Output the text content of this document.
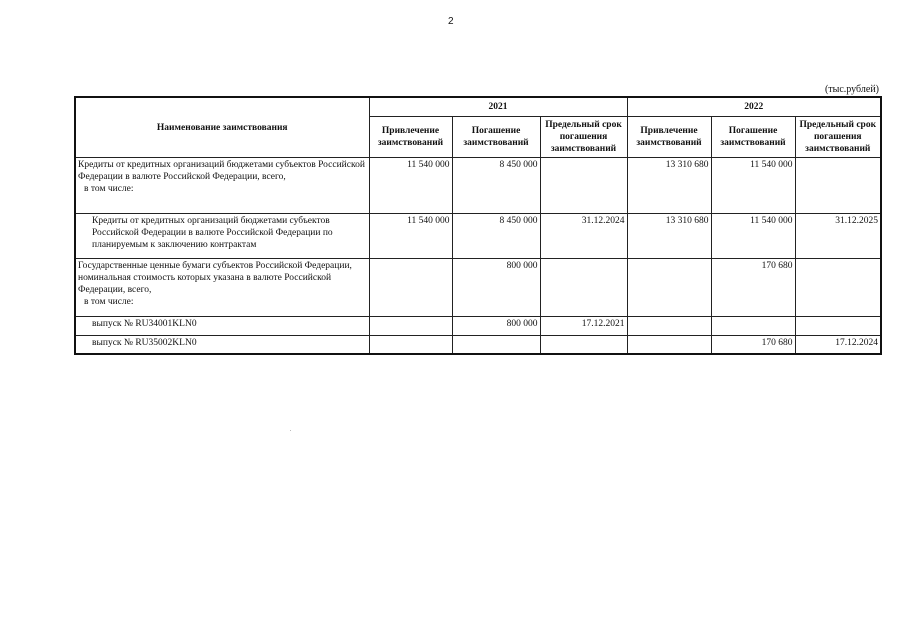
2
(тыс.рублей)
Наименование заимствования	2021			2022		
	Привлечение заимствований	Погашение заимствований	Предельный срок погашения заимствований	Привлечение заимствований	Погашение заимствований	Предельный срок погашения заимствований
Кредиты от кредитных организаций бюджетами субъектов Российской Федерации в валюте Российской Федерации, всего,
в том числе:	11 540 000	8 450 000		13 310 680	11 540 000	
Кредиты от кредитных организаций бюджетами субъектов Российской Федерации в валюте Российской Федерации по планируемым к заключению контрактам	11 540 000	8 450 000	31.12.2024	13 310 680	11 540 000	31.12.2025
Государственные ценные бумаги субъектов Российской Федерации, номинальная стоимость которых указана в валюте Российской Федерации, всего,
в том числе:		800 000			170 680	
выпуск № RU34001KLN0		800 000	17.12.2021			
выпуск № RU35002KLN0					170 680	17.12.2024
